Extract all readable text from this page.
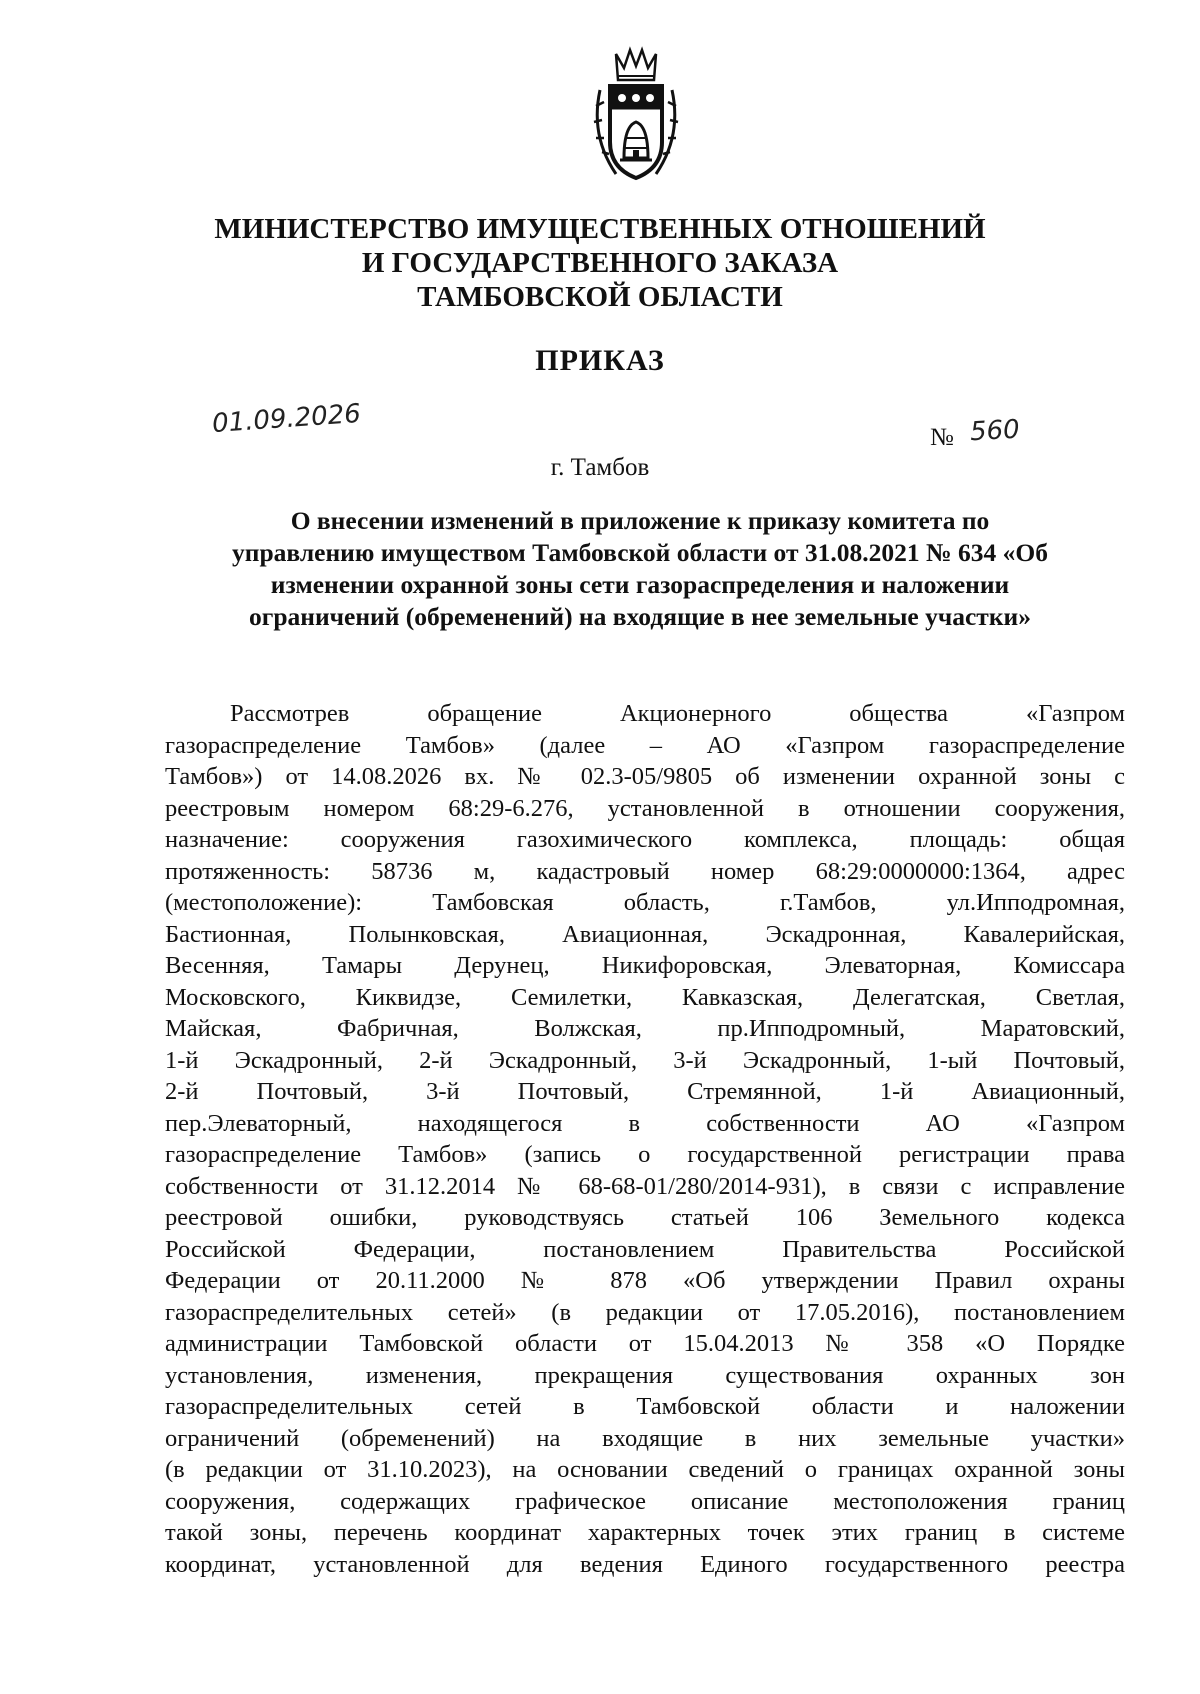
МИНИСТЕРСТВО ИМУЩЕСТВЕННЫХ ОТНОШЕНИЙ
И ГОСУДАРСТВЕННОГО ЗАКАЗА
ТАМБОВСКОЙ ОБЛАСТИ
ПРИКАЗ
01.09.2026	№ 560
г. Тамбов
О внесении изменений в приложение к приказу комитета по
управлению имуществом Тамбовской области от 31.08.2021 № 634 «Об
изменении охранной зоны сети газораспределения и наложении
ограничений (обременений) на входящие в нее земельные участки»
Рассмотрев обращение Акционерного общества «Газпром
газораспределение Тамбов» (далее – АО «Газпром газораспределение
Тамбов») от 14.08.2026 вх. № 02.3-05/9805 об изменении охранной зоны с
реестровым номером 68:29-6.276, установленной в отношении сооружения,
назначение: сооружения газохимического комплекса, площадь: общая
протяженность: 58736 м, кадастровый номер 68:29:0000000:1364, адрес
(местоположение): Тамбовская область, г.Тамбов, ул.Ипподромная,
Бастионная, Полынковская, Авиационная, Эскадронная, Кавалерийская,
Весенняя, Тамары Дерунец, Никифоровская, Элеваторная, Комиссара
Московского, Киквидзе, Семилетки, Кавказская, Делегатская, Светлая,
Майская, Фабричная, Волжская, пр.Ипподромный, Маратовский,
1-й Эскадронный, 2-й Эскадронный, 3-й Эскадронный, 1-ый Почтовый,
2-й Почтовый, 3-й Почтовый, Стремянной, 1-й Авиационный,
пер.Элеваторный, находящегося в собственности АО «Газпром
газораспределение Тамбов» (запись о государственной регистрации права
собственности от 31.12.2014 № 68-68-01/280/2014-931), в связи с исправление
реестровой ошибки, руководствуясь статьей 106 Земельного кодекса
Российской Федерации, постановлением Правительства Российской
Федерации от 20.11.2000 № 878 «Об утверждении Правил охраны
газораспределительных сетей» (в редакции от 17.05.2016), постановлением
администрации Тамбовской области от 15.04.2013 № 358 «О Порядке
установления, изменения, прекращения существования охранных зон
газораспределительных сетей в Тамбовской области и наложении
ограничений (обременений) на входящие в них земельные участки»
(в редакции от 31.10.2023), на основании сведений о границах охранной зоны
сооружения, содержащих графическое описание местоположения границ
такой зоны, перечень координат характерных точек этих границ в системе
координат, установленной для ведения Единого государственного реестра
